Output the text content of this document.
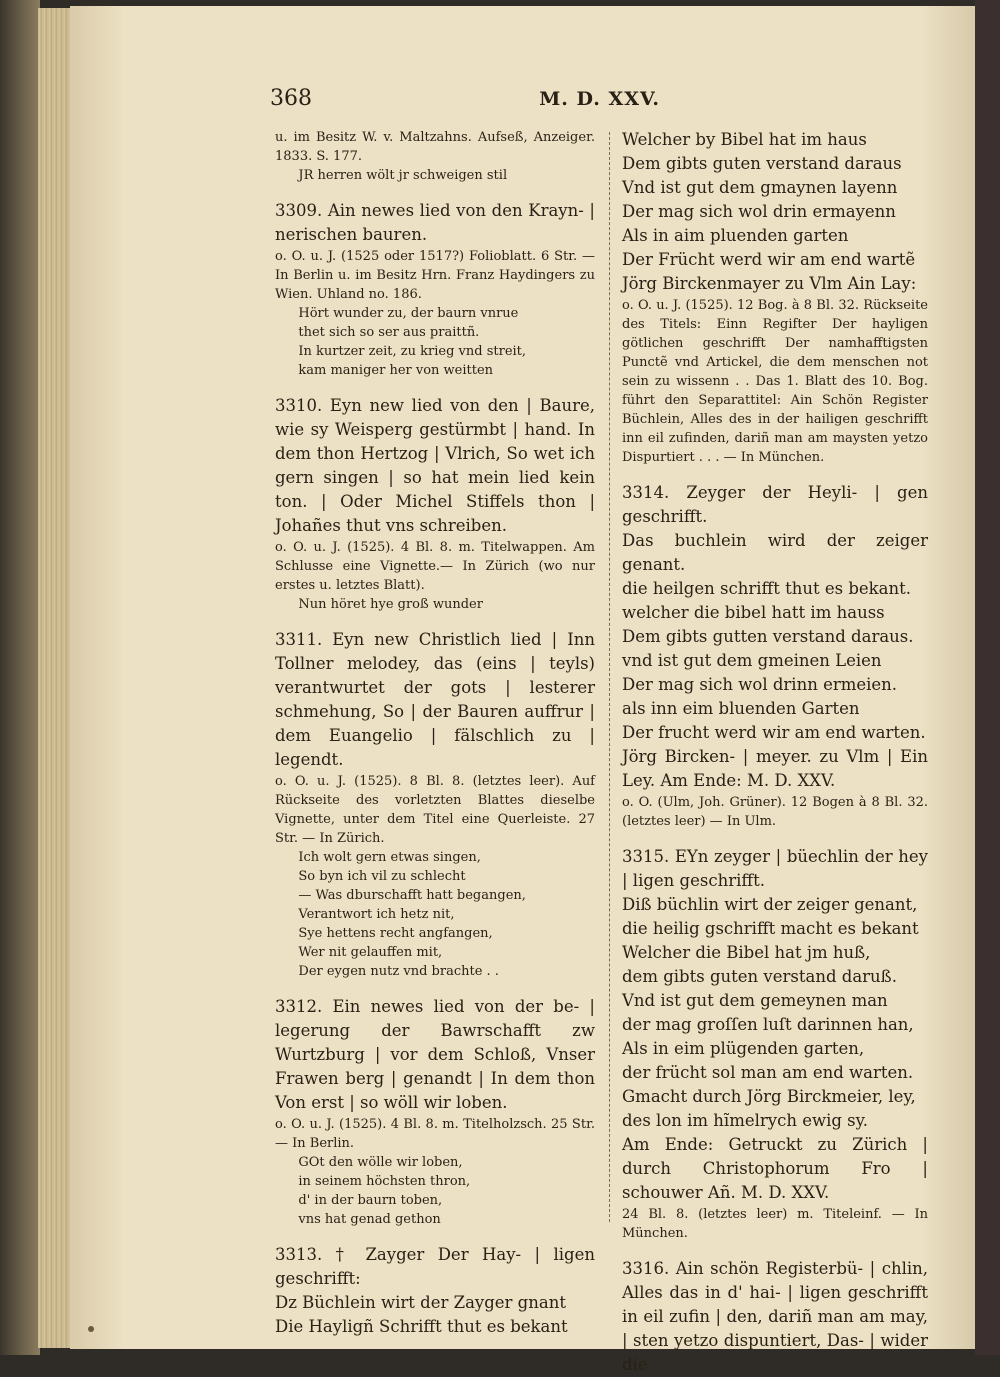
368	M. D. XXV.

u. im Besitz W. v. Maltzahns. Aufseß, Anzeiger. 1833. S. 177.

JR herren wölt jr schweigen stil

3309. Ain newes lied von den Krayn- | nerischen bauren.

o. O. u. J. (1525 oder 1517?) Folioblatt. 6 Str. — In Berlin u. im Besitz Hrn. Franz Haydingers zu Wien. Uhland no. 186.

Hört wunder zu, der baurn vnrue

thet sich so ser aus praittñ.

In kurtzer zeit, zu krieg vnd streit,

kam maniger her von weitten

3310. Eyn new lied von den | Baure, wie sy Weisperg gestürmbt | hand. In dem thon Hertzog | Vlrich, So wet ich gern singen | so hat mein lied kein ton. | Oder Michel Stiffels thon | Johañes thut vns schreiben.

o. O. u. J. (1525). 4 Bl. 8. m. Titelwappen. Am Schlusse eine Vignette.— In Zürich (wo nur erstes u. letztes Blatt).

Nun höret hye groß wunder

3311. Eyn new Christlich lied | Inn Tollner melodey, das (eins | teyls) verantwurtet der gots | lesterer schmehung, So | der Bauren auffrur | dem Euangelio | fälschlich zu | legendt.

o. O. u. J. (1525). 8 Bl. 8. (letztes leer). Auf Rückseite des vorletzten Blattes dieselbe Vignette, unter dem Titel eine Querleiste. 27 Str. — In Zürich.

Ich wolt gern etwas singen,

So byn ich vil zu schlecht

— Was dburschafft hatt begangen,

Verantwort ich hetz nit,

Sye hettens recht angfangen,

Wer nit gelauffen mit,

Der eygen nutz vnd brachte . .

3312. Ein newes lied von der be- | legerung der Bawrschafft zw Wurtzburg | vor dem Schloß, Vnser Frawen berg | genandt | In dem thon Von erst | so wöll wir loben.

o. O. u. J. (1525). 4 Bl. 8. m. Titelholzsch. 25 Str. — In Berlin.

GOt den wölle wir loben,

in seinem höchsten thron,

d' in der baurn toben,

vns hat genad gethon

3313. † Zayger Der Hay- | ligen geschrifft:

Dz Büchlein wirt der Zayger gnant

Die Hayligñ Schrifft thut es bekant

Welcher by Bibel hat im haus

Dem gibts guten verstand daraus

Vnd ist gut dem gmaynen layenn

Der mag sich wol drin ermayenn

Als in aim pluenden garten

Der Frücht werd wir am end wartẽ

Jörg Birckenmayer zu Vlm Ain Lay:

o. O. u. J. (1525). 12 Bog. à 8 Bl. 32. Rückseite des Titels: Einn Regifter Der hayligen götlichen geschrifft Der namhafftigsten Punctẽ vnd Artickel, die dem menschen not sein zu wissenn . . Das 1. Blatt des 10. Bog. führt den Separattitel: Ain Schön Register Büchlein, Alles des in der hailigen geschrifft inn eil zufinden, dariñ man am maysten yetzo Dispurtiert . . . — In München.

3314. Zeyger der Heyli- | gen geschrifft.

Das buchlein wird der zeiger genant.

die heilgen schrifft thut es bekant.

welcher die bibel hatt im hauss

Dem gibts gutten verstand daraus.

vnd ist gut dem gmeinen Leien

Der mag sich wol drinn ermeien.

als inn eim bluenden Garten

Der frucht werd wir am end warten.

Jörg Bircken- | meyer. zu Vlm | Ein Ley. Am Ende: M. D. XXV.

o. O. (Ulm, Joh. Grüner). 12 Bogen à 8 Bl. 32. (letztes leer) — In Ulm.

3315. EYn zeyger | büechlin der hey | ligen geschrifft.

Diß büchlin wirt der zeiger genant,

die heilig gschrifft macht es bekant

Welcher die Bibel hat jm huß,

dem gibts guten verstand daruß.

Vnd ist gut dem gemeynen man

der mag groſſen luſt darinnen han,

Als in eim plügenden garten,

der frücht sol man am end warten.

Gmacht durch Jörg Birckmeier, ley,

des lon im hĩmelrych ewig sy.

Am Ende: Getruckt zu Zürich | durch Christophorum Fro | schouwer Añ. M. D. XXV.

24 Bl. 8. (letztes leer) m. Titeleinf. — In München.

3316. Ain schön Registerbü- | chlin, Alles das in d' hai- | ligen geschrifft in eil zufin | den, dariñ man am may, | sten yetzo dispuntiert, Das- | wider die
